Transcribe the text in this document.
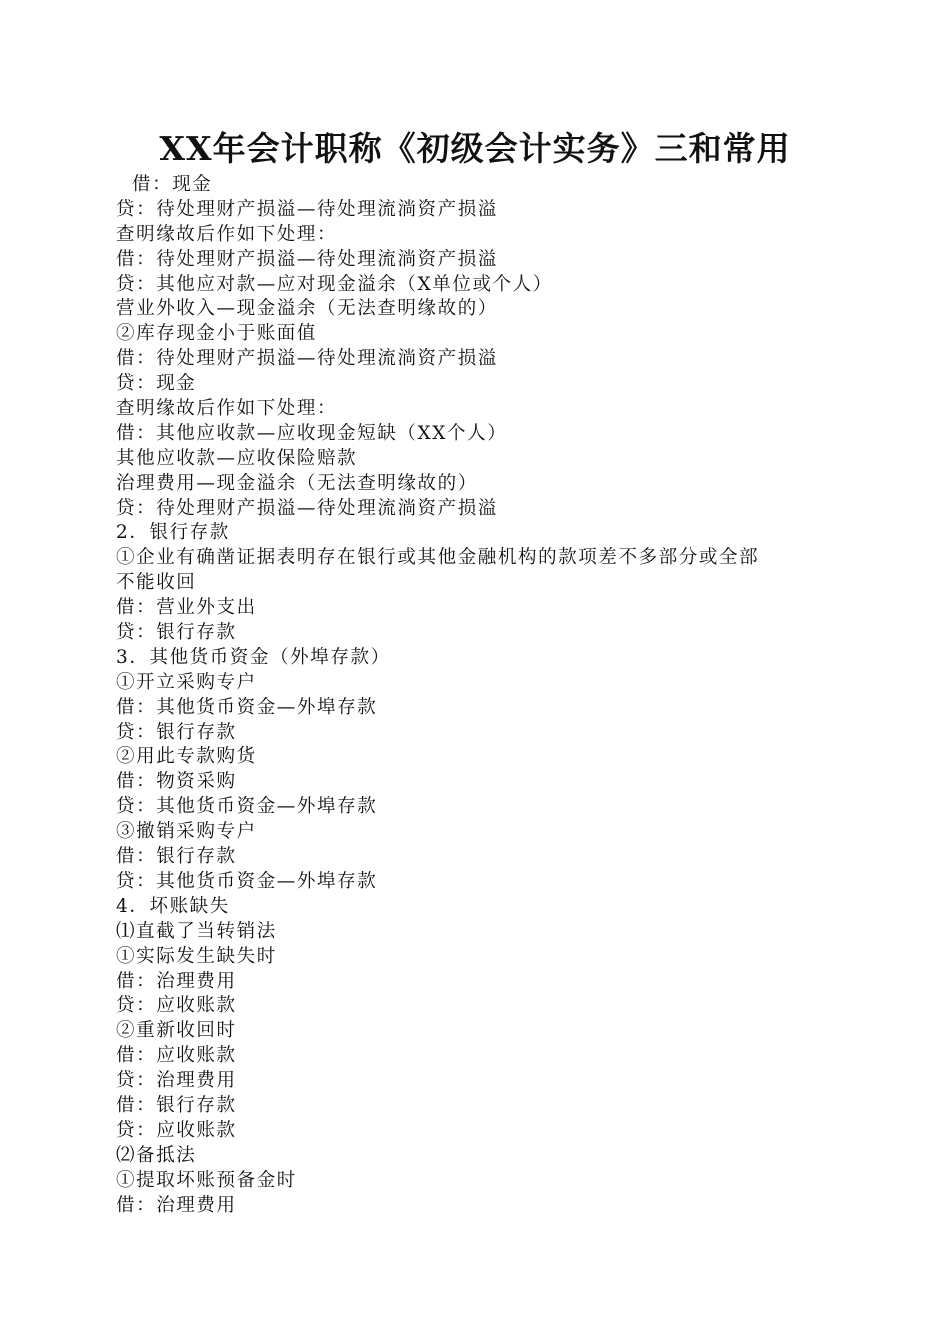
XX年会计职称《初级会计实务》三和常用
借：现金
贷：待处理财产损溢—待处理流淌资产损溢
查明缘故后作如下处理：
借：待处理财产损溢—待处理流淌资产损溢
贷：其他应对款—应对现金溢余（X单位或个人）
营业外收入—现金溢余（无法查明缘故的）
②库存现金小于账面值
借：待处理财产损溢—待处理流淌资产损溢
贷：现金
查明缘故后作如下处理：
借：其他应收款—应收现金短缺（XX个人）
其他应收款—应收保险赔款
治理费用—现金溢余（无法查明缘故的）
贷：待处理财产损溢—待处理流淌资产损溢
2．银行存款
①企业有确凿证据表明存在银行或其他金融机构的款项差不多部分或全部
不能收回
借：营业外支出
贷：银行存款
3．其他货币资金（外埠存款）
①开立采购专户
借：其他货币资金—外埠存款
贷：银行存款
②用此专款购货
借：物资采购
贷：其他货币资金—外埠存款
③撤销采购专户
借：银行存款
贷：其他货币资金—外埠存款
4．坏账缺失
⑴直截了当转销法
①实际发生缺失时
借：治理费用
贷：应收账款
②重新收回时
借：应收账款
贷：治理费用
借：银行存款
贷：应收账款
⑵备抵法
①提取坏账预备金时
借：治理费用
